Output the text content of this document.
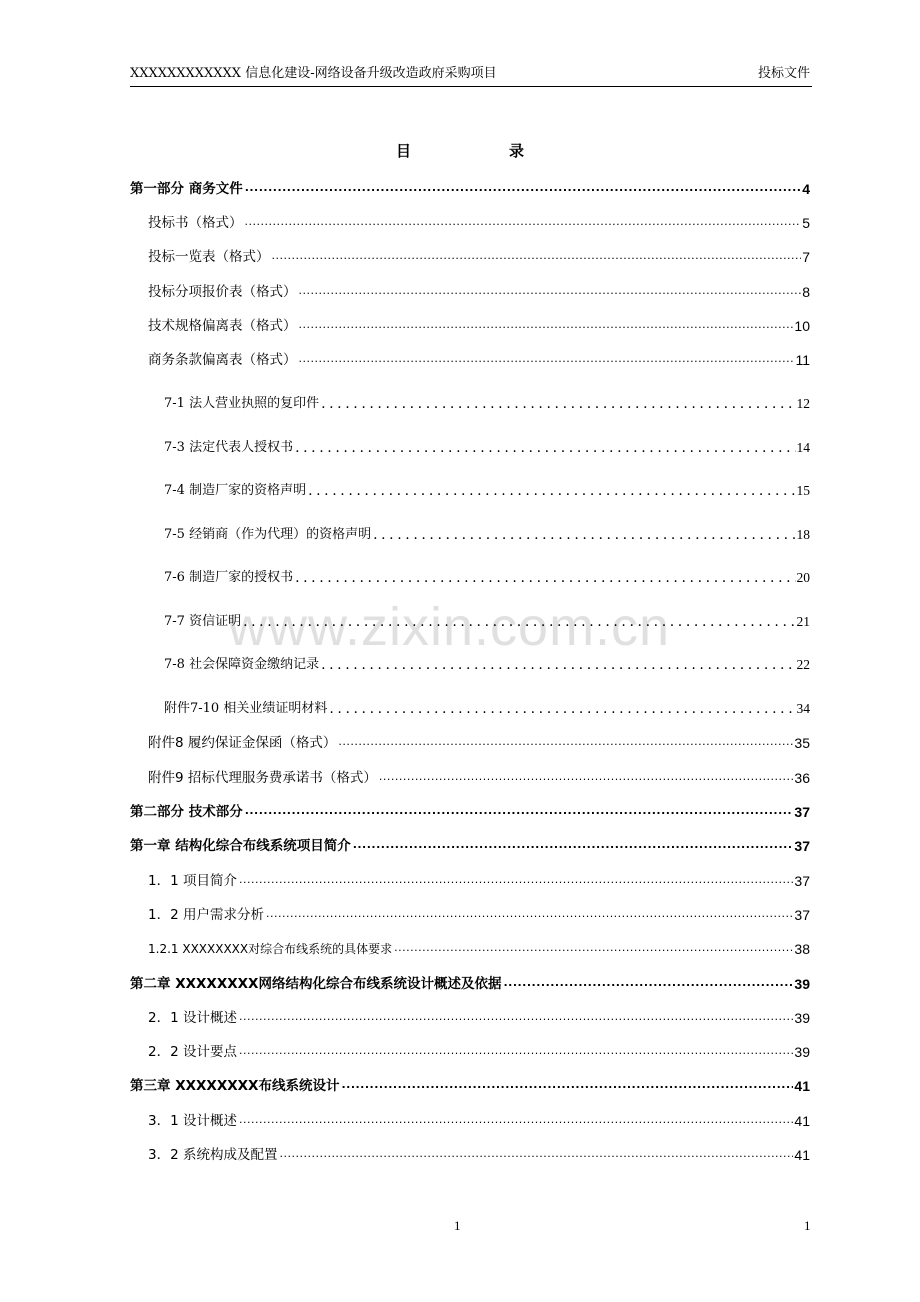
XXXXXXXXXXXX 信息化建设-网络设备升级改造政府采购项目	投标文件
目录
www.zixin.com.cn
第一部分 商务文件 .....	4
投标书（格式） .....	5
投标一览表（格式） .....	7
投标分项报价表（格式） .....	8
技术规格偏离表（格式） .....	10
商务条款偏离表（格式） .....	11
7-1 法人营业执照的复印件 .....	12
7-3 法定代表人授权书 .....	14
7-4 制造厂家的资格声明 .....	15
7-5 经销商（作为代理）的资格声明 .....	18
7-6 制造厂家的授权书 .....	20
7-7 资信证明 .....	21
7-8 社会保障资金缴纳记录 .....	22
附件7-10 相关业绩证明材料 .....	34
附件8 履约保证金保函（格式） .....	35
附件9 招标代理服务费承诺书（格式） .....	36
第二部分 技术部分 .....	37
第一章 结构化综合布线系统项目简介 .....	37
1．1 项目简介 .....	37
1．2 用户需求分析 .....	37
1.2.1 XXXXXXXX对综合布线系统的具体要求 .....	38
第二章 XXXXXXXX网络结构化综合布线系统设计概述及依据 .....	39
2．1 设计概述 .....	39
2．2 设计要点 .....	39
第三章 XXXXXXXX布线系统设计 .....	41
3．1 设计概述 .....	41
3．2 系统构成及配置 .....	41
1	1
